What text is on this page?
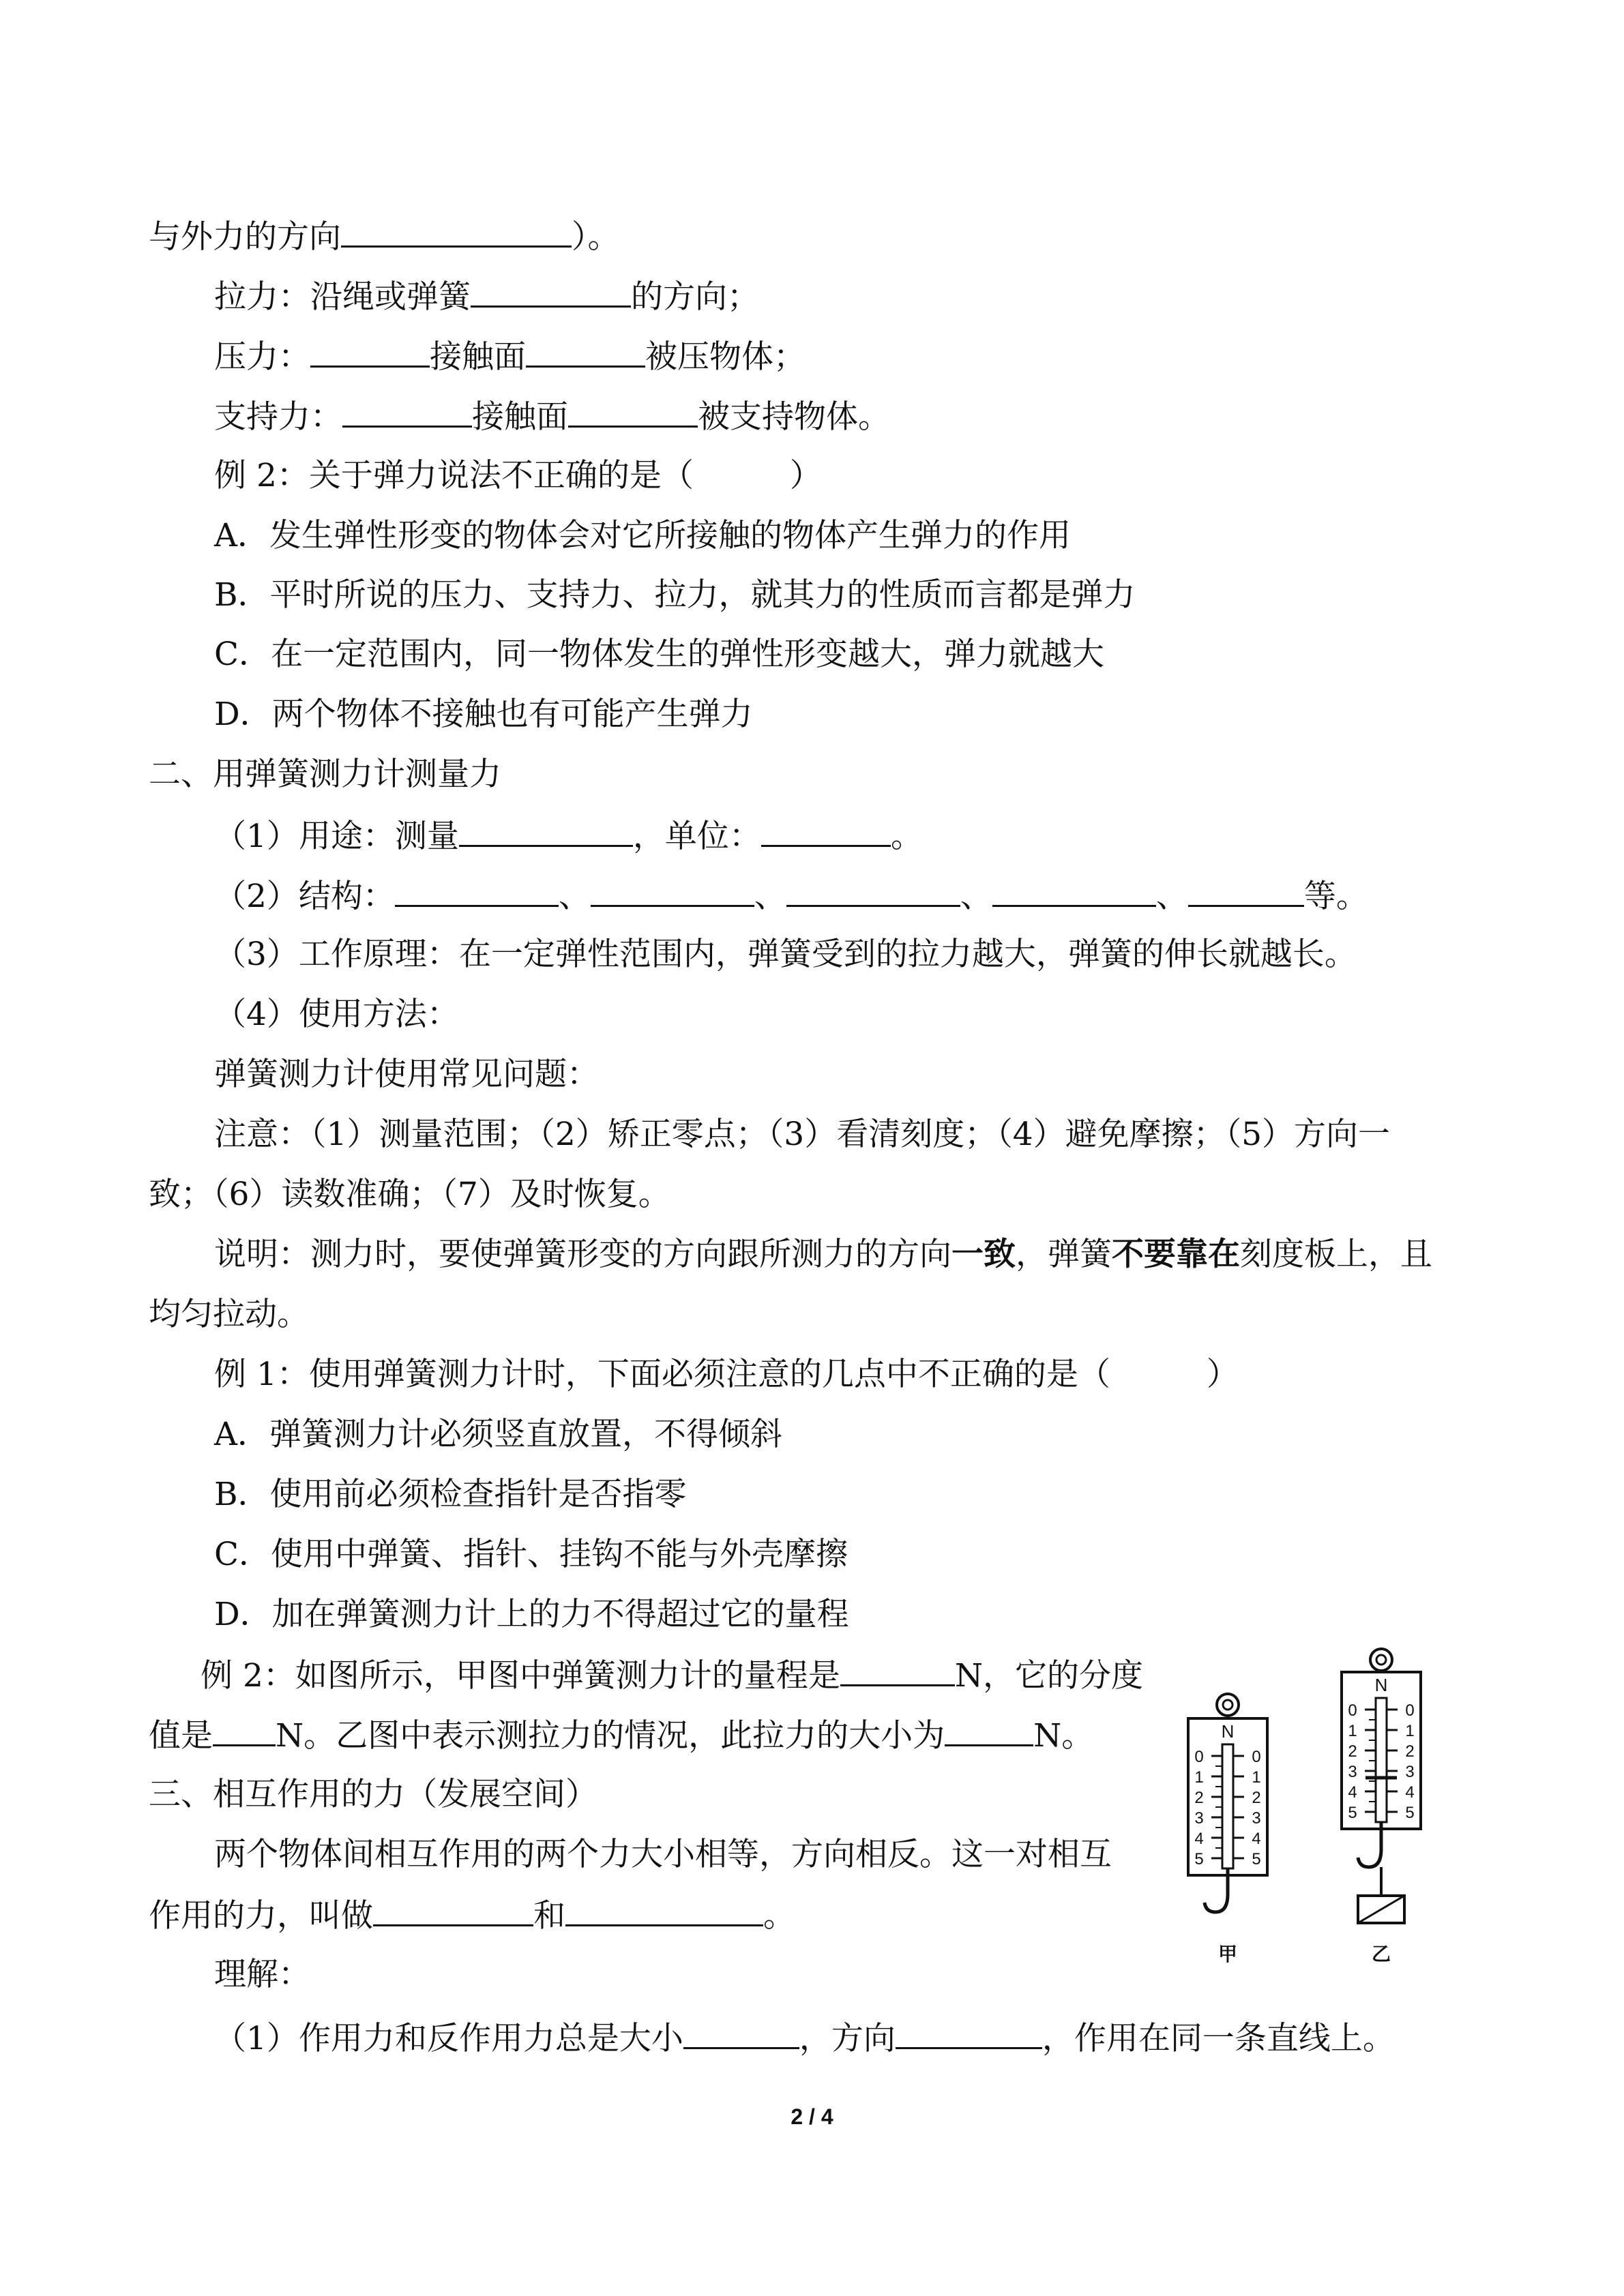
与外力的方向	）。
拉力：沿绳或弹簧	的方向；
压力：	接触面	被压物体；
支持力：	接触面	被支持物体。
例 2：关于弹力说法不正确的是（　　　）
A．发生弹性形变的物体会对它所接触的物体产生弹力的作用
B．平时所说的压力、支持力、拉力，就其力的性质而言都是弹力
C．在一定范围内，同一物体发生的弹性形变越大，弹力就越大
D．两个物体不接触也有可能产生弹力
二、用弹簧测力计测量力
（1）用途：测量	，单位：	。
（2）结构：	、	、	、	、	等。
（3）工作原理：在一定弹性范围内，弹簧受到的拉力越大，弹簧的伸长就越长。
（4）使用方法：
弹簧测力计使用常见问题：
注意：（1）测量范围；（2）矫正零点；（3）看清刻度；（4）避免摩擦；（5）方向一
致；（6）读数准确；（7）及时恢复。
说明：测力时，要使弹簧形变的方向跟所测力的方向一致，弹簧不要靠在刻度板上，且
均匀拉动。
例 1：使用弹簧测力计时，下面必须注意的几点中不正确的是（　　　）
A．弹簧测力计必须竖直放置，不得倾斜
B．使用前必须检查指针是否指零
C．使用中弹簧、指针、挂钩不能与外壳摩擦
D．加在弹簧测力计上的力不得超过它的量程
例 2：如图所示，甲图中弹簧测力计的量程是	N，它的分度
值是 N。乙图中表示测拉力的情况，此拉力的大小为	N。
三、相互作用的力（发展空间）
两个物体间相互作用的两个力大小相等，方向相反。这一对相互
作用的力，叫做	和	。
理解：
（1）作用力和反作用力总是大小	，方向	，作用在同一条直线上。
N
0	0
1	1
2	2
3	3
4	4
5	5
甲
N
0	0
1	1
2	2
3	3
4	4
5	5
乙
2 / 4
